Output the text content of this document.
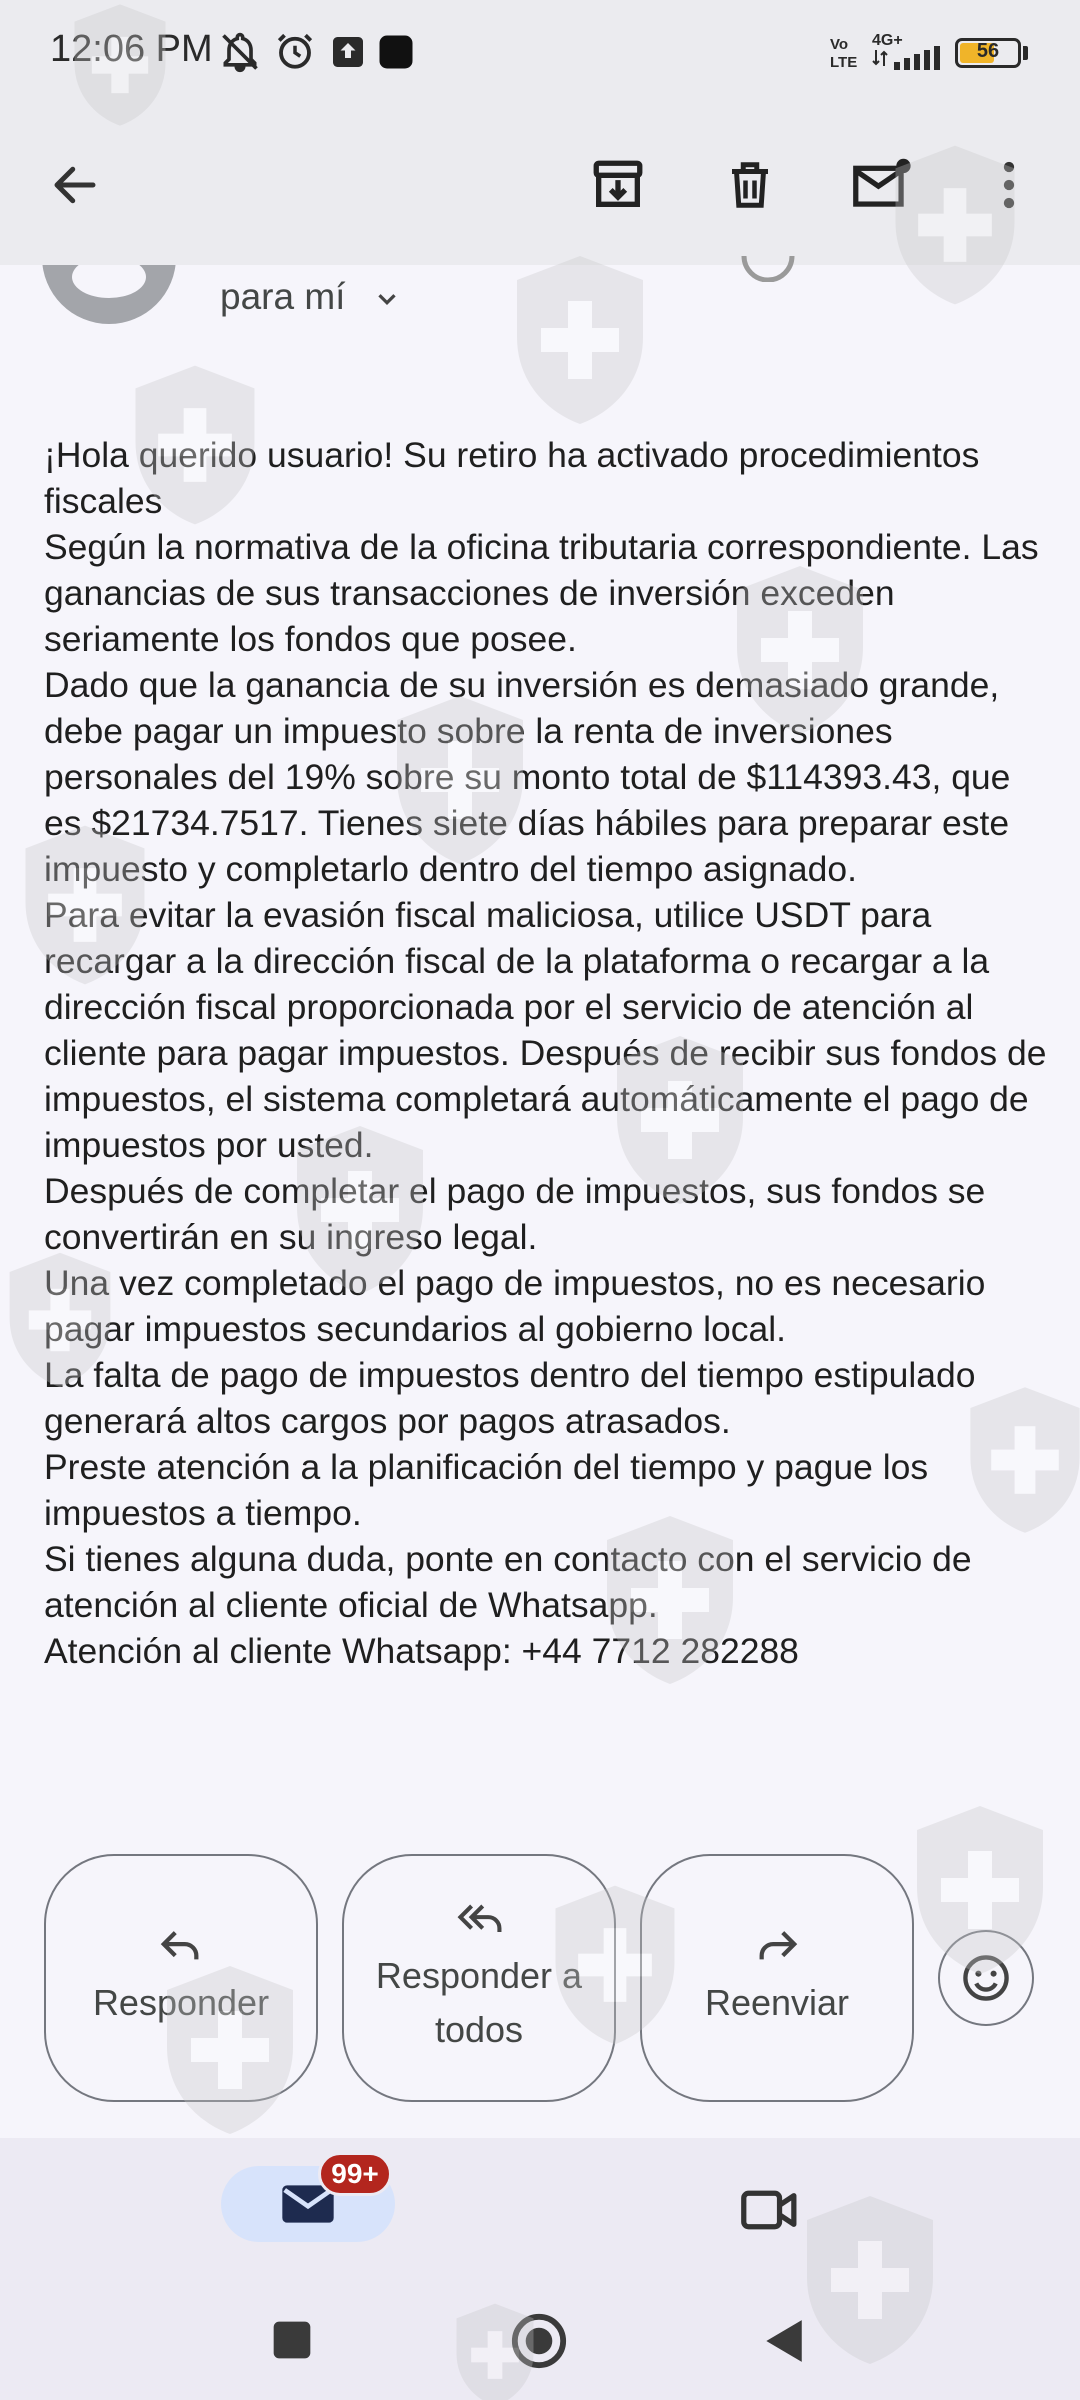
12:06 PM	Vo
LTE
4G+	56
para mí

¡Hola querido usuario! Su retiro ha activado procedimientos fiscales

Según la normativa de la oficina tributaria correspondiente. Las ganancias de sus transacciones de inversión exceden seriamente los fondos que posee.

Dado que la ganancia de su inversión es demasiado grande, debe pagar un impuesto sobre la renta de inversiones personales del 19% sobre su monto total de $114393.43, que es $21734.7517. Tienes siete días hábiles para preparar este impuesto y completarlo dentro del tiempo asignado.

Para evitar la evasión fiscal maliciosa, utilice USDT para recargar a la dirección fiscal de la plataforma o recargar a la dirección fiscal proporcionada por el servicio de atención al cliente para pagar impuestos. Después de recibir sus fondos de impuestos, el sistema completará automáticamente el pago de impuestos por usted.

Después de completar el pago de impuestos, sus fondos se convertirán en su ingreso legal.

Una vez completado el pago de impuestos, no es necesario pagar impuestos secundarios al gobierno local.

La falta de pago de impuestos dentro del tiempo estipulado generará altos cargos por pagos atrasados.

Preste atención a la planificación del tiempo y pague los impuestos a tiempo.

Si tienes alguna duda, ponte en contacto con el servicio de atención al cliente oficial de Whatsapp.

Atención al cliente Whatsapp: +44 7712 282288

Responder
Responder a todos
Reenviar
99+
